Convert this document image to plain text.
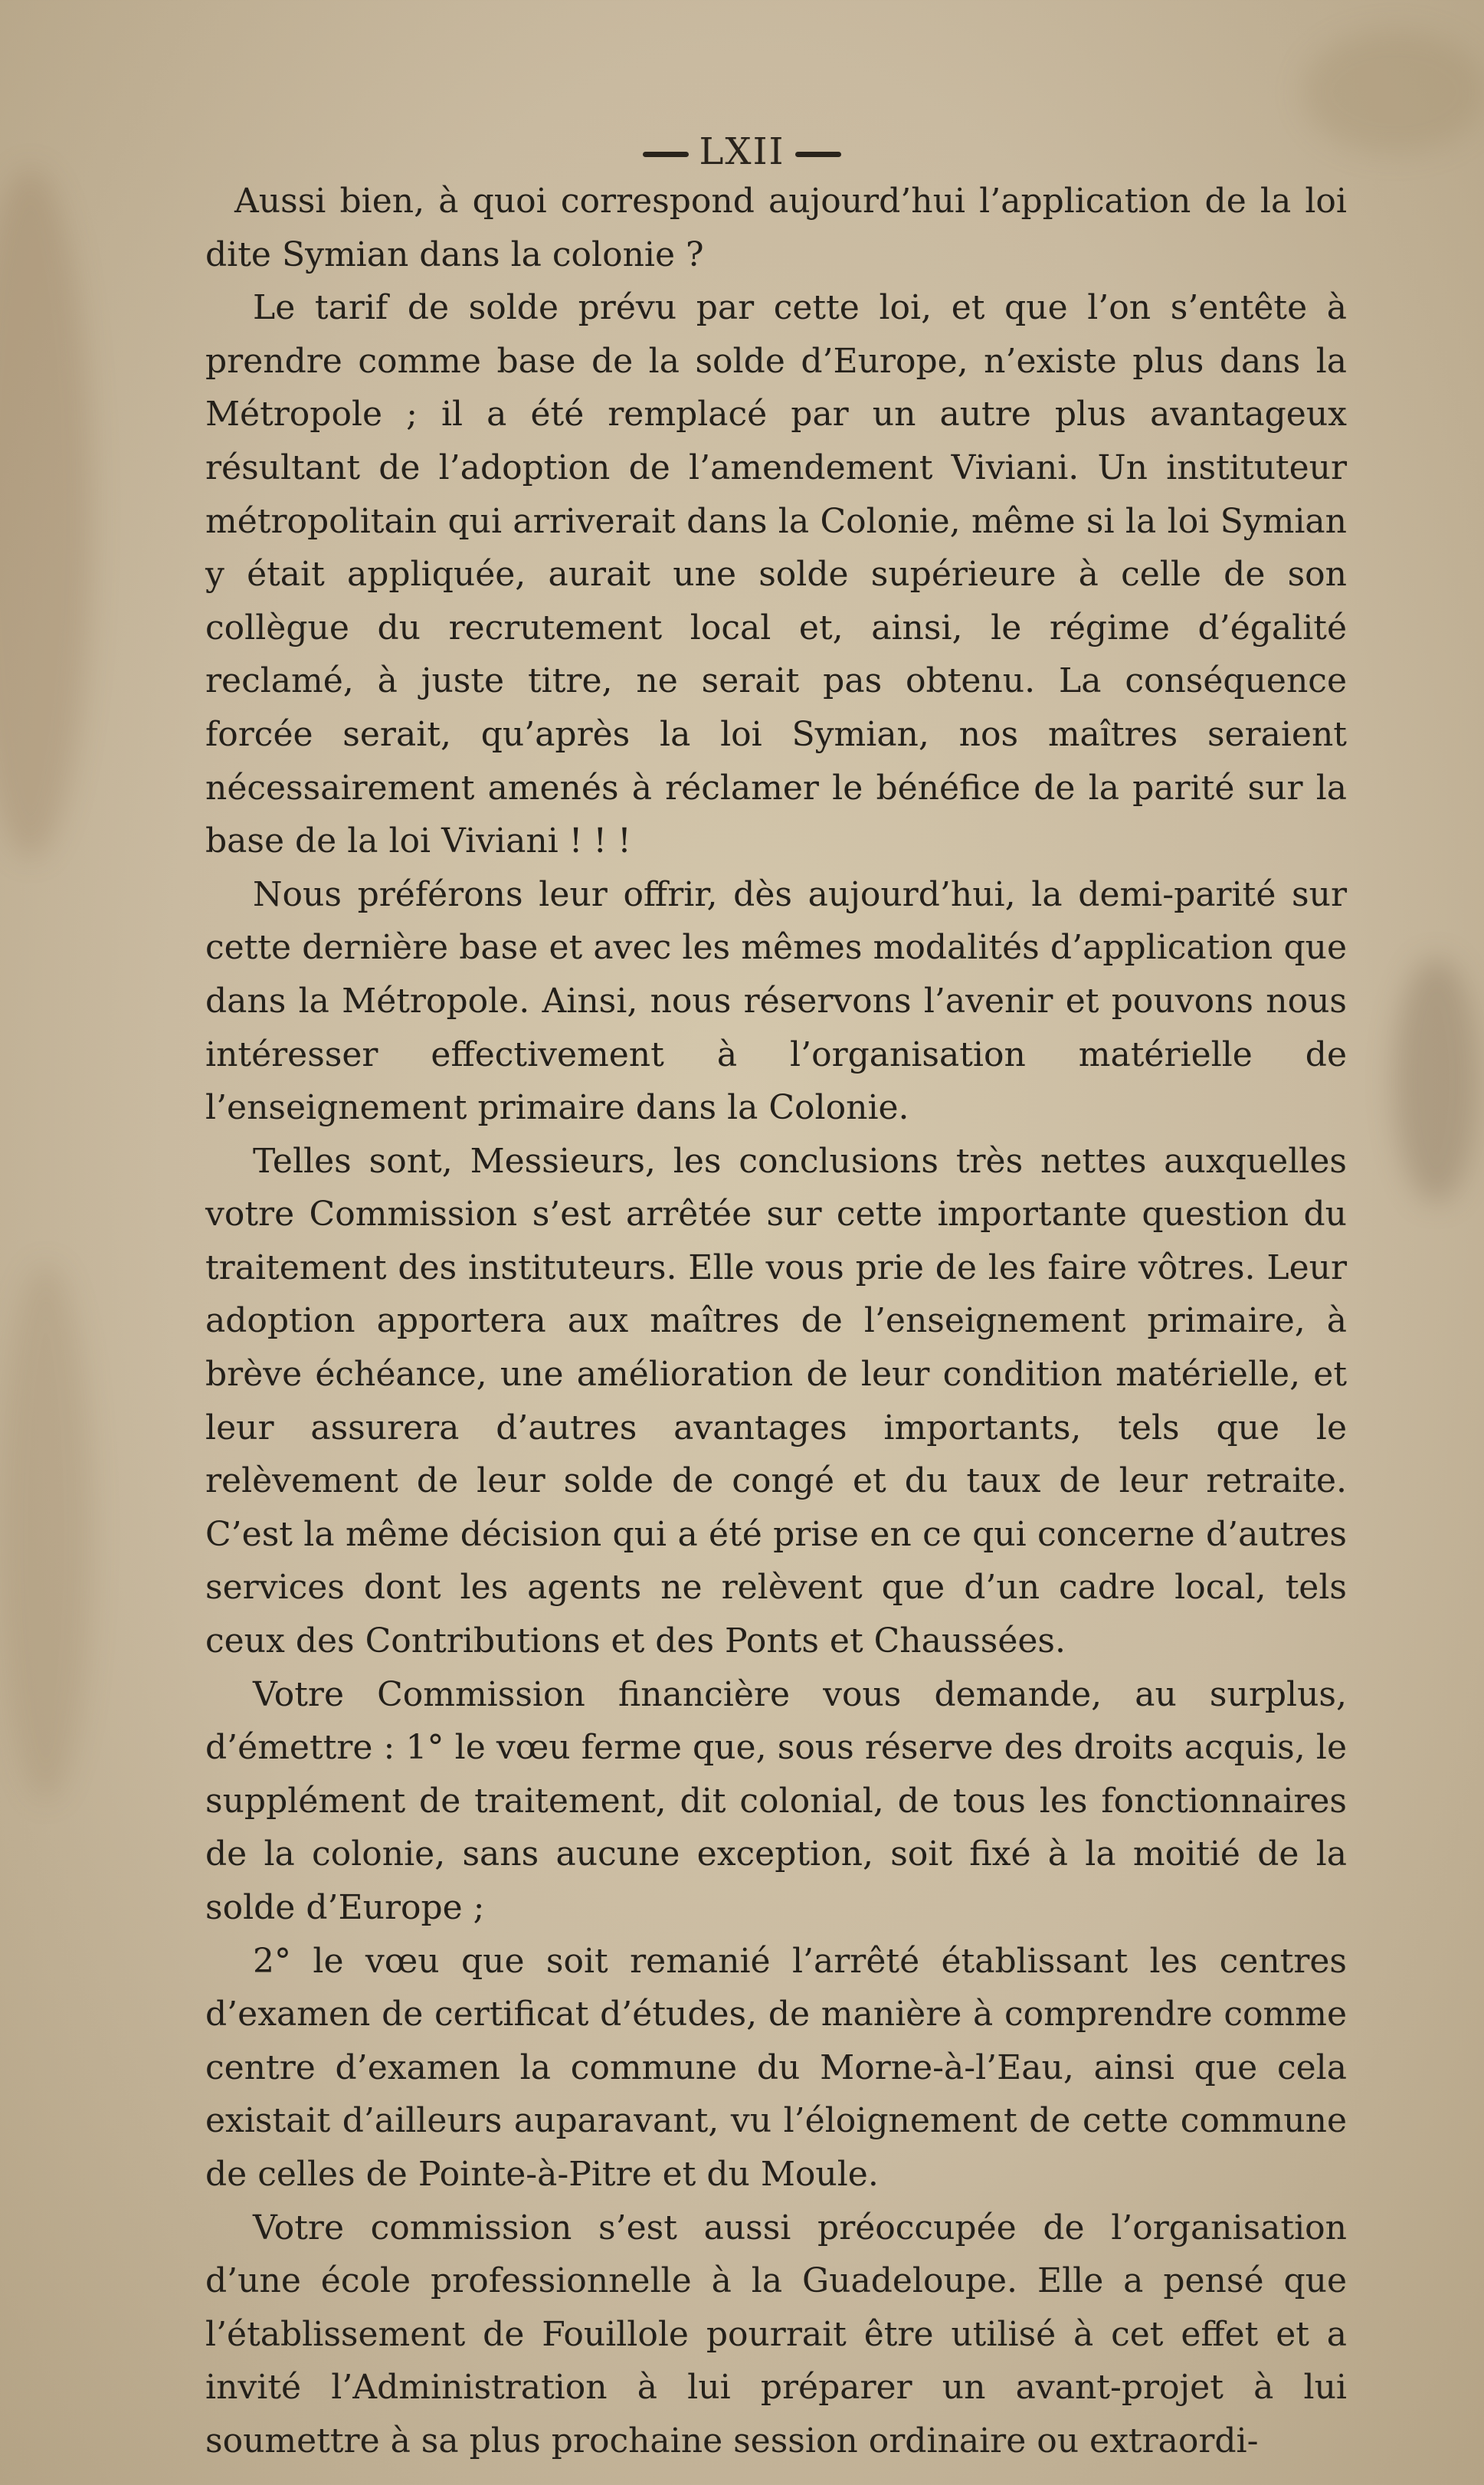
LXII

Aussi bien, à quoi correspond aujourd’hui l’application de la loi dite Symian dans la colonie ?

Le tarif de solde prévu par cette loi, et que l’on s’entête à prendre comme base de la solde d’Europe, n’existe plus dans la Métropole ; il a été remplacé par un autre plus avantageux résultant de l’adoption de l’amendement Viviani. Un instituteur métropolitain qui arriverait dans la Colonie, même si la loi Symian y était appliquée, aurait une solde supérieure à celle de son collègue du recrutement local et, ainsi, le régime d’égalité reclamé, à juste titre, ne serait pas obtenu. La conséquence forcée serait, qu’après la loi Symian, nos maîtres seraient nécessairement amenés à réclamer le bénéfice de la parité sur la base de la loi Viviani ! ! !

Nous préférons leur offrir, dès aujourd’hui, la demi-parité sur cette dernière base et avec les mêmes modalités d’application que dans la Métropole. Ainsi, nous réservons l’avenir et pouvons nous intéresser effectivement à l’organisation matérielle de l’enseignement primaire dans la Colonie.

Telles sont, Messieurs, les conclusions très nettes auxquelles votre Commission s’est arrêtée sur cette importante question du traitement des instituteurs. Elle vous prie de les faire vôtres. Leur adoption apportera aux maîtres de l’enseignement primaire, à brève échéance, une amélioration de leur condition matérielle, et leur assurera d’autres avantages importants, tels que le relèvement de leur solde de congé et du taux de leur retraite. C’est la même décision qui a été prise en ce qui concerne d’autres services dont les agents ne relèvent que d’un cadre local, tels ceux des Contributions et des Ponts et Chaussées.

Votre Commission financière vous demande, au surplus, d’émettre : 1° le vœu ferme que, sous réserve des droits acquis, le supplément de traitement, dit colonial, de tous les fonctionnaires de la colonie, sans aucune exception, soit fixé à la moitié de la solde d’Europe ;

2° le vœu que soit remanié l’arrêté établissant les centres d’examen de certificat d’études, de manière à comprendre comme centre d’examen la commune du Morne-à-l’Eau, ainsi que cela existait d’ailleurs auparavant, vu l’éloignement de cette commune de celles de Pointe-à-Pitre et du Moule.

Votre commission s’est aussi préoccupée de l’organisation d’une école professionnelle à la Guadeloupe. Elle a pensé que l’établissement de Fouillole pourrait être utilisé à cet effet et a invité l’Administration à lui préparer un avant-projet à lui soumettre à sa plus prochaine session ordinaire ou extraordi-
